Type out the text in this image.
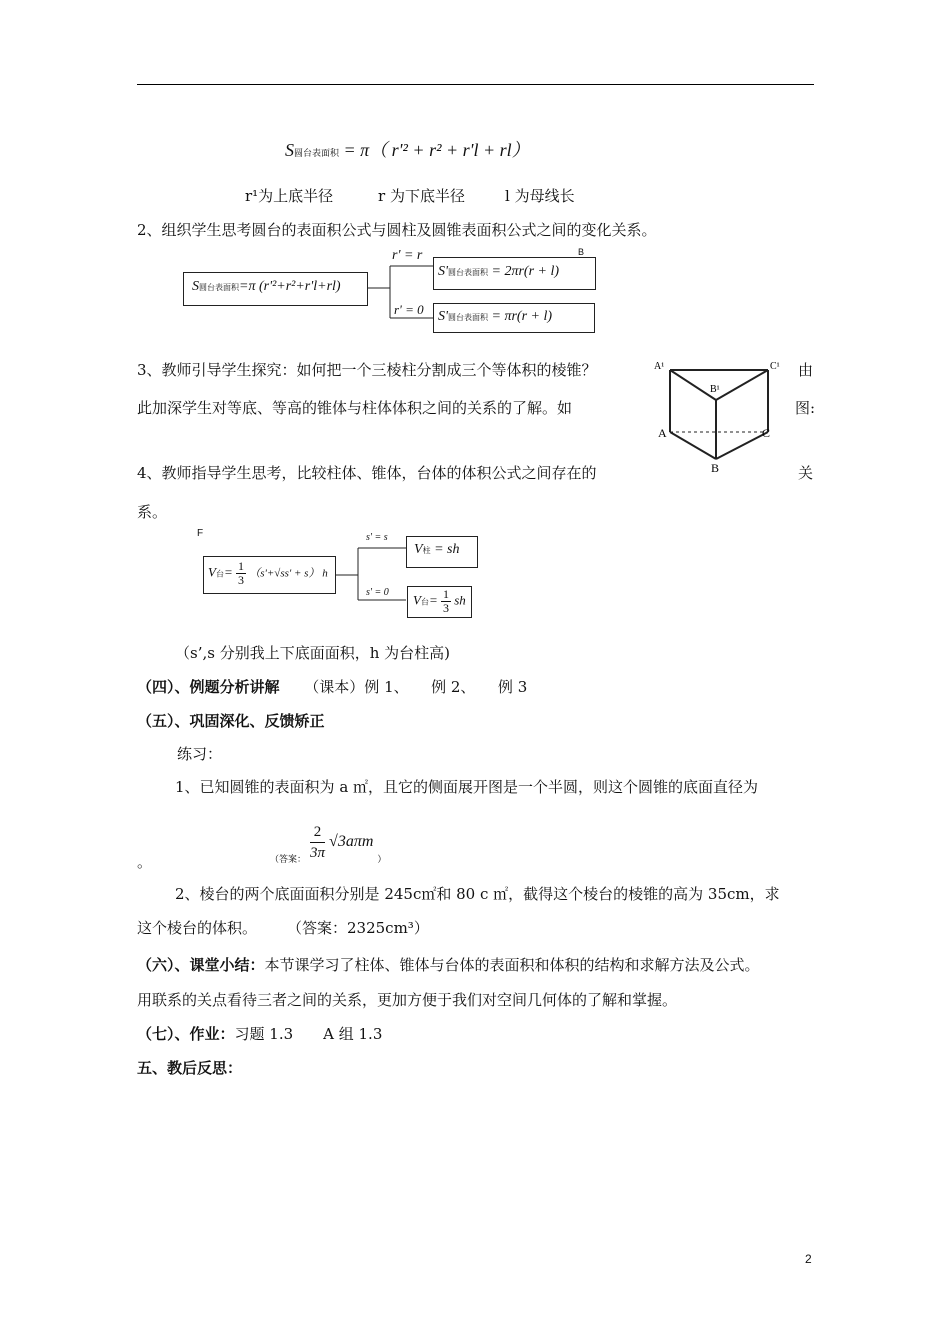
S圆台表面积 = π（ r'² + r² + r'l + rl）
r¹为上底半径	r 为下底半径	l 为母线长
2、组织学生思考圆台的表面积公式与圆柱及圆锥表面积公式之间的变化关系。
S圆台表面积=π (r'²+r²+r'l+rl)
r' = r
r' = 0
B
S'圆台表面积 = 2πr(r + l)
S'圆台表面积 = πr(r + l)
3、教师引导学生探究：如何把一个三棱柱分割成三个等体积的棱锥？	由
此加深学生对等底、等高的锥体与柱体体积之间的关系的了解。如	图:
A¹
B¹
C¹
A	C
B
4、教师指导学生思考，比较柱体、锥体，台体的体积公式之间存在的	关
系。
F
V台= $\frac{1}{3} (s'+√ss' + s)$ h
s' = s
s' = 0
V柱 = sh
V台= $\frac{1}{3}$ sh
（s’,s 分别我上下底面面积，h 为台柱高)
（四）、例题分析讲解 （课本）例 1、　　例 2、　　例 3
（五）、巩固深化、反馈矫正
练习：
1、已知圆锥的表面积为 a ㎡，且它的侧面展开图是一个半圆，则这个圆锥的底面直径为
。	$_{(答案:} \frac{2}{3\pi} √3a\pi m$ $_)$
2、棱台的两个底面面积分别是 245c㎡和 80 c ㎡，截得这个棱台的棱锥的高为 35cm，求
这个棱台的体积。　　　（答案：2325cm³）
（六）、课堂小结：本节课学习了柱体、锥体与台体的表面积和体积的结构和求解方法及公式。
用联系的关点看待三者之间的关系，更加方便于我们对空间几何体的了解和掌握。
（七）、作业：习题 1.3　　A 组 1.3
五、教后反思：
2
